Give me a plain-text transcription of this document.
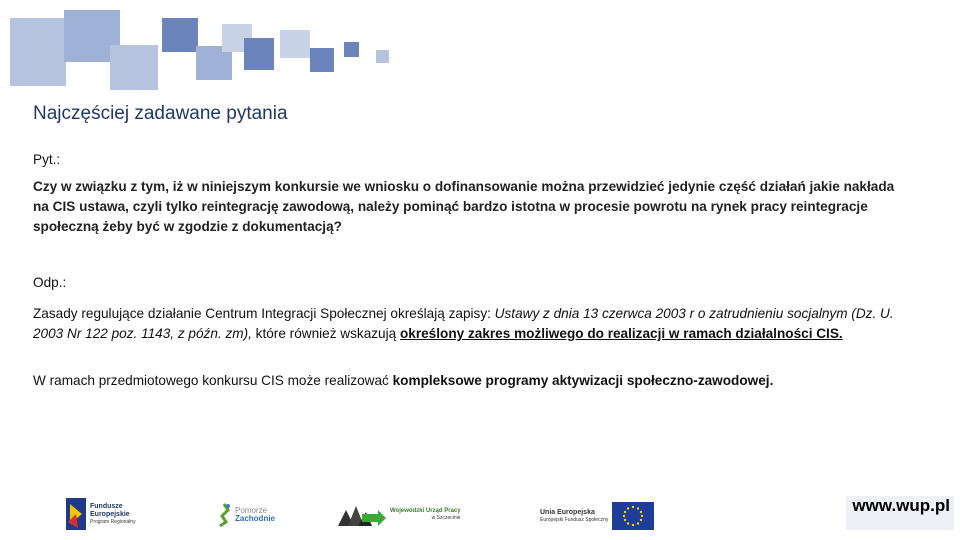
Najczęściej zadawane pytania
Pyt.:
Czy w związku z tym, iż w niniejszym konkursie we wniosku o dofinansowanie można przewidzieć jedynie część działań jakie nakłada na CIS ustawa, czyli tylko reintegrację zawodową, należy pominąć bardzo istotna w procesie powrotu na rynek pracy reintegracje społeczną żeby być w zgodzie z dokumentacją?
Odp.:
Zasady regulujące działanie Centrum Integracji Społecznej określają zapisy: Ustawy z dnia 13 czerwca 2003 r o zatrudnieniu socjalnym (Dz. U. 2003 Nr 122 poz. 1143, z późn. zm), które również wskazują określony zakres możliwego do realizacji w ramach działalności CIS.
W ramach przedmiotowego konkursu CIS może realizować kompleksowe programy aktywizacji społeczno-zawodowej.
Fundusze
Europejskie
Program Regionalny
Pomorze
Zachodnie
Wojewódzki Urząd Pracy
w Szczecinie
Unia Europejska
Europejski Fundusz Społeczny
www.wup.pl
